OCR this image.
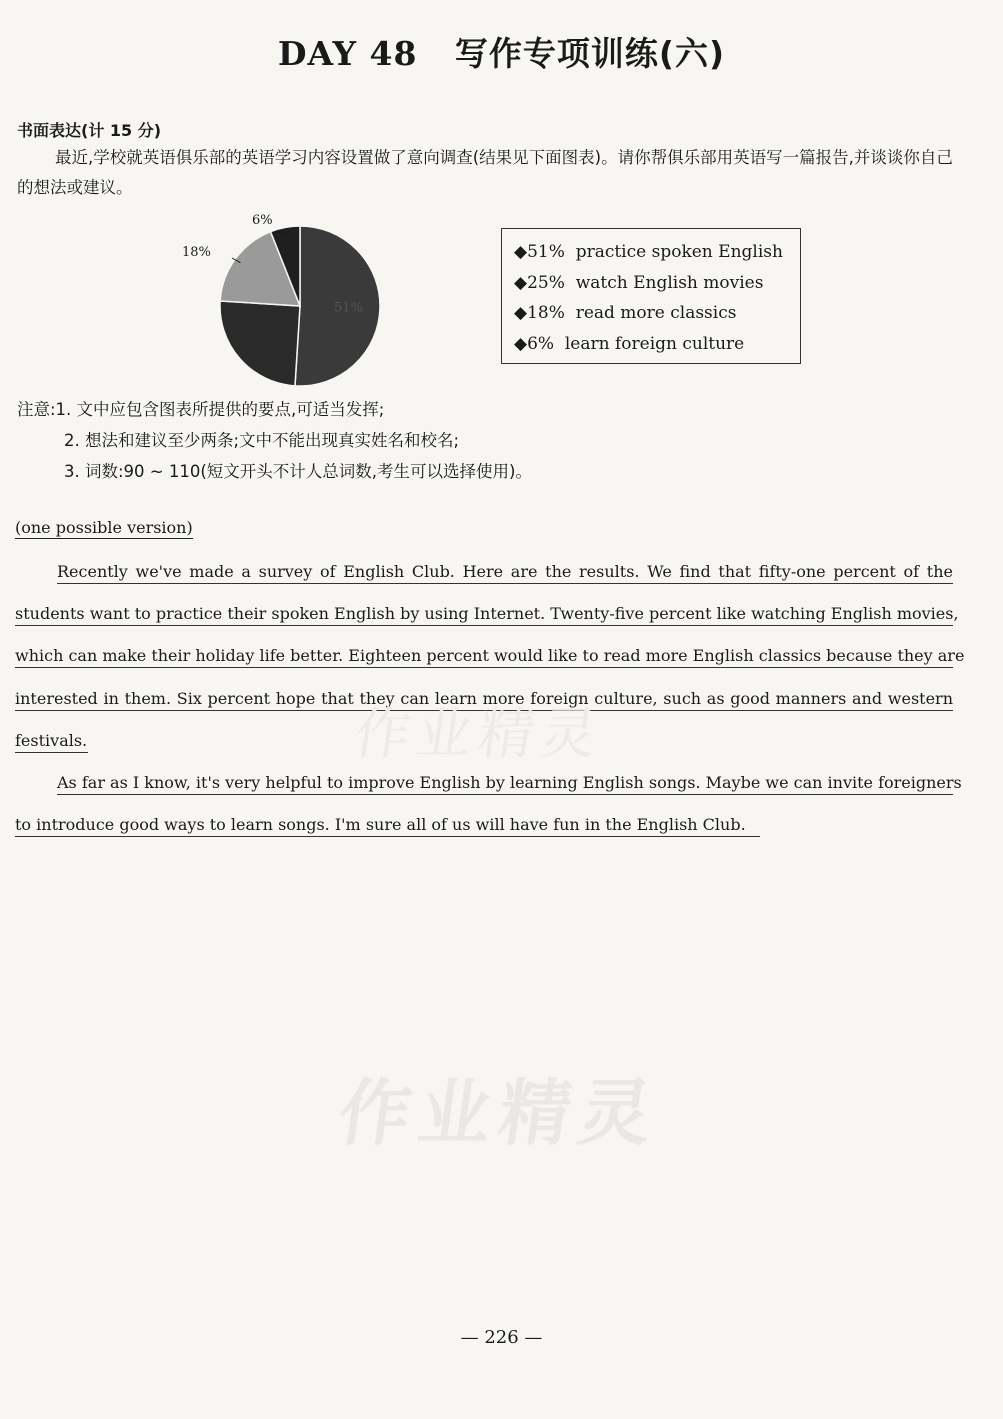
DAY 48 写作专项训练(六)
书面表达(计 15 分)
最近,学校就英语俱乐部的英语学习内容设置做了意向调查(结果见下面图表)。请你帮俱乐部用英语写一篇报告,并谈谈你自己的想法或建议。
51%
18%
6%
◆51% practice spoken English
◆25% watch English movies
◆18% read more classics
◆6% learn foreign culture
注意:1. 文中应包含图表所提供的要点,可适当发挥;
2. 想法和建议至少两条;文中不能出现真实姓名和校名;
3. 词数:90 ~ 110(短文开头不计人总词数,考生可以选择使用)。
(one possible version)
Recently we've made a survey of English Club. Here are the results. We find that fifty-one percent of the
students want to practice their spoken English by using Internet. Twenty-five percent like watching English movies,
which can make their holiday life better. Eighteen percent would like to read more English classics because they are
interested in them. Six percent hope that they can learn more foreign culture, such as good manners and western
festivals.
As far as I know, it's very helpful to improve English by learning English songs. Maybe we can invite foreigners
to introduce good ways to learn songs. I'm sure all of us will have fun in the English Club.
作业精灵
作业精灵
— 226 —
